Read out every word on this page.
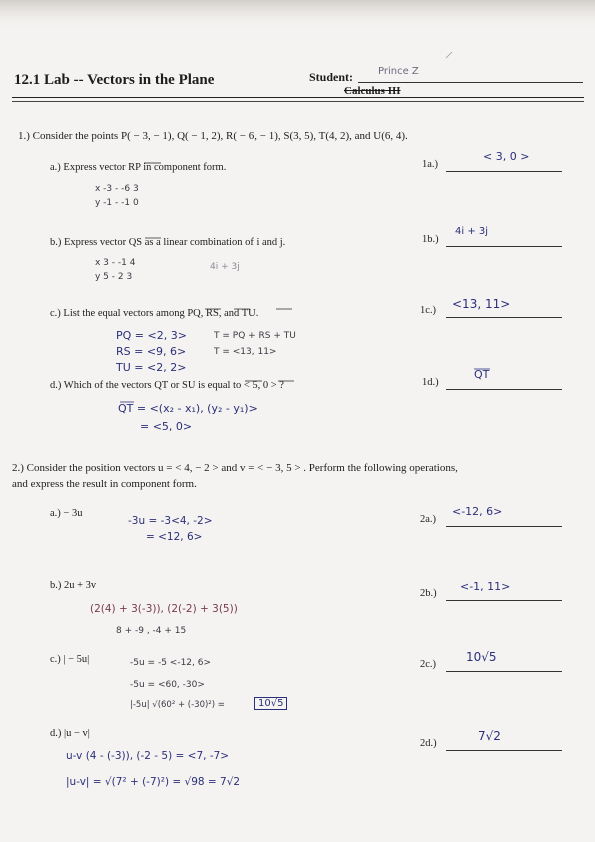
12.1 Lab -- Vectors in the Plane	Student: Prince Z
Calculus III
1.) Consider the points P( − 3, − 1), Q( − 1, 2), R( − 6, − 1), S(3, 5), T(4, 2), and U(6, 4).
a.) Express vector RP in component form.	1a.)
< 3, 0 >
x -3 - -6 3
y -1 - -1 0
b.) Express vector QS as a linear combination of i and j.	1b.)
4i + 3j
x 3 - -1 4
y 5 - 2 3
4i + 3j
c.) List the equal vectors among PQ, RS, and TU.	1c.) <13, 11>
PQ = <2, 3>
RS = <9, 6>
TU = <2, 2>
T = PQ + RS + TU
T = <13, 11>
d.) Which of the vectors QT or SU is equal to < 5, 0 > ?	1d.)
QT
QT = <(x₂ - x₁), (y₂ - y₁)>
= <5, 0>
2.) Consider the position vectors u = < 4, − 2 > and v = < − 3, 5 > . Perform the following operations,
and express the result in component form.
a.) − 3u
2a.)
<-12, 6>
-3u = -3<4, -2>
= <12, 6>
b.) 2u + 3v
2b.)
<-1, 11>
(2(4) + 3(-3)), (2(-2) + 3(5))
8 + -9 , -4 + 15
c.) | − 5u|	2c.)
10√5
-5u = -5 <-12, 6>
-5u = <60, -30>
|-5u| √(60² + (-30)²) =	10√5
d.) |u − v|
2d.)
7√2
u-v (4 - (-3)), (-2 - 5) = <7, -7>
|u-v| = √(7² + (-7)²) = √98 = 7√2
